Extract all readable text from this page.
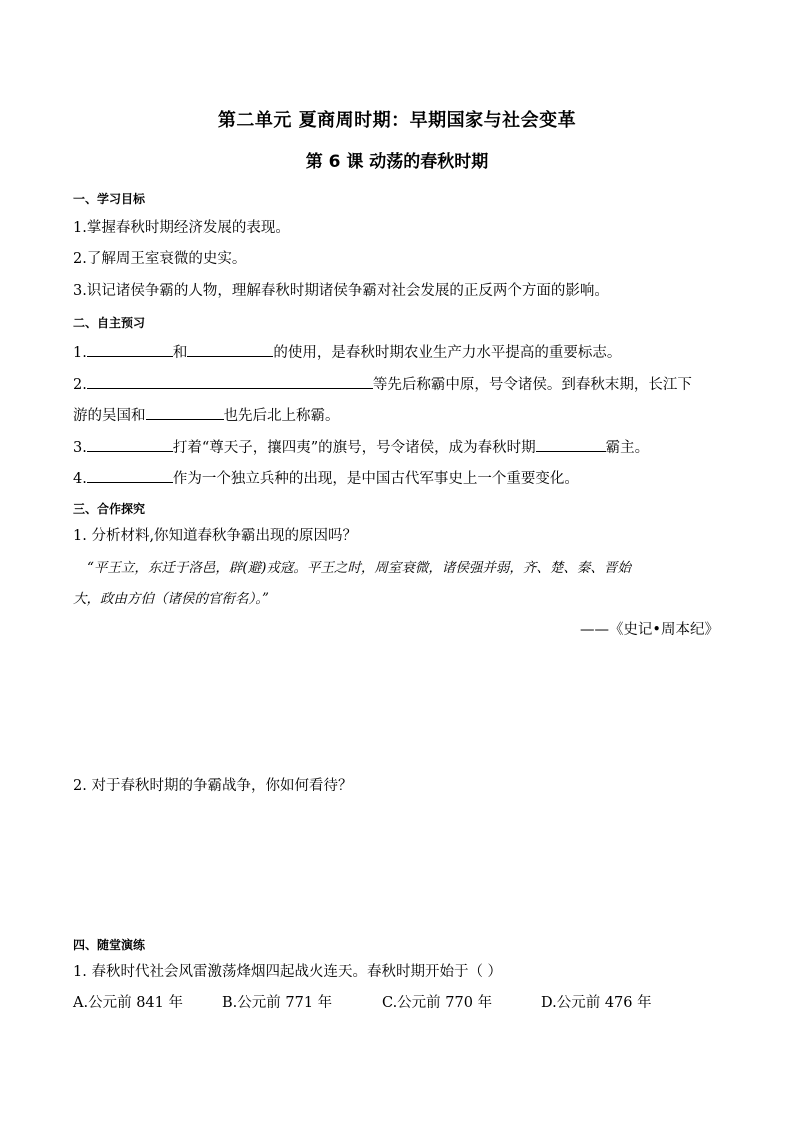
第二单元 夏商周时期：早期国家与社会变革
第 6 课 动荡的春秋时期
一、学习目标
1.掌握春秋时期经济发展的表现。
2.了解周王室衰微的史实。
3.识记诸侯争霸的人物，理解春秋时期诸侯争霸对社会发展的正反两个方面的影响。
二、自主预习
1.	和	的使用，是春秋时期农业生产力水平提高的重要标志。
2.	等先后称霸中原，号令诸侯。到春秋末期，长江下
游的吴国和	也先后北上称霸。
3.	打着“尊天子，攘四夷”的旗号，号令诸侯，成为春秋时期	霸主。
4.	作为一个独立兵种的出现，是中国古代军事史上一个重要变化。
三、合作探究
1. 分析材料,你知道春秋争霸出现的原因吗？
“平王立，东迁于洛邑，辟(避)戎寇。平王之时，周室衰微，诸侯强并弱，齐、楚、秦、晋始
大，政由方伯（诸侯的官衔名）。”
——《史记•周本纪》
2. 对于春秋时期的争霸战争，你如何看待？
四、随堂演练
1. 春秋时代社会风雷激荡烽烟四起战火连天。春秋时期开始于（ ）
A.公元前 841 年	B.公元前 771 年	C.公元前 770 年	D.公元前 476 年
